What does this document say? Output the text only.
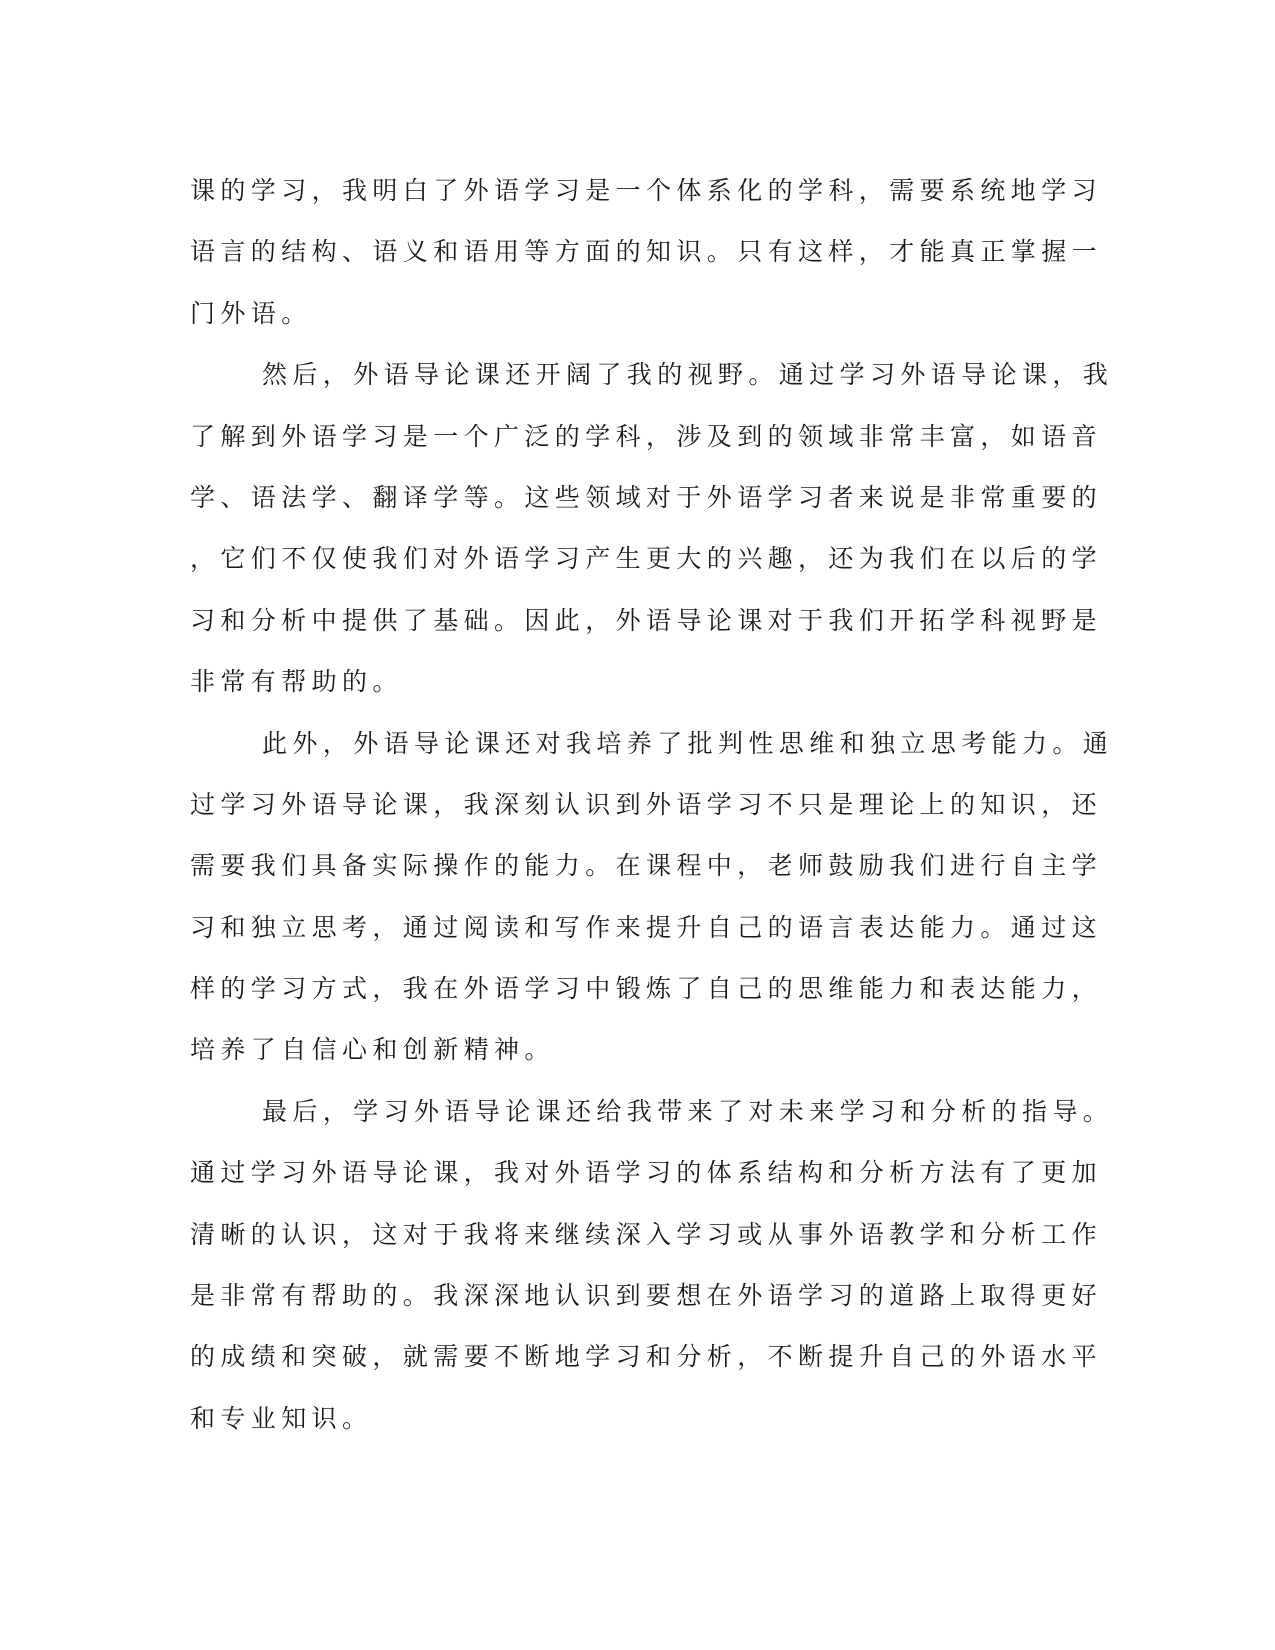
课的学习，我明白了外语学习是一个体系化的学科，需要系统地学习
语言的结构、语义和语用等方面的知识。只有这样，才能真正掌握一
门外语。
然后，外语导论课还开阔了我的视野。通过学习外语导论课，我
了解到外语学习是一个广泛的学科，涉及到的领域非常丰富，如语音
学、语法学、翻译学等。这些领域对于外语学习者来说是非常重要的
，它们不仅使我们对外语学习产生更大的兴趣，还为我们在以后的学
习和分析中提供了基础。因此，外语导论课对于我们开拓学科视野是
非常有帮助的。
此外，外语导论课还对我培养了批判性思维和独立思考能力。通
过学习外语导论课，我深刻认识到外语学习不只是理论上的知识，还
需要我们具备实际操作的能力。在课程中，老师鼓励我们进行自主学
习和独立思考，通过阅读和写作来提升自己的语言表达能力。通过这
样的学习方式，我在外语学习中锻炼了自己的思维能力和表达能力，
培养了自信心和创新精神。
最后，学习外语导论课还给我带来了对未来学习和分析的指导。
通过学习外语导论课，我对外语学习的体系结构和分析方法有了更加
清晰的认识，这对于我将来继续深入学习或从事外语教学和分析工作
是非常有帮助的。我深深地认识到要想在外语学习的道路上取得更好
的成绩和突破，就需要不断地学习和分析，不断提升自己的外语水平
和专业知识。
